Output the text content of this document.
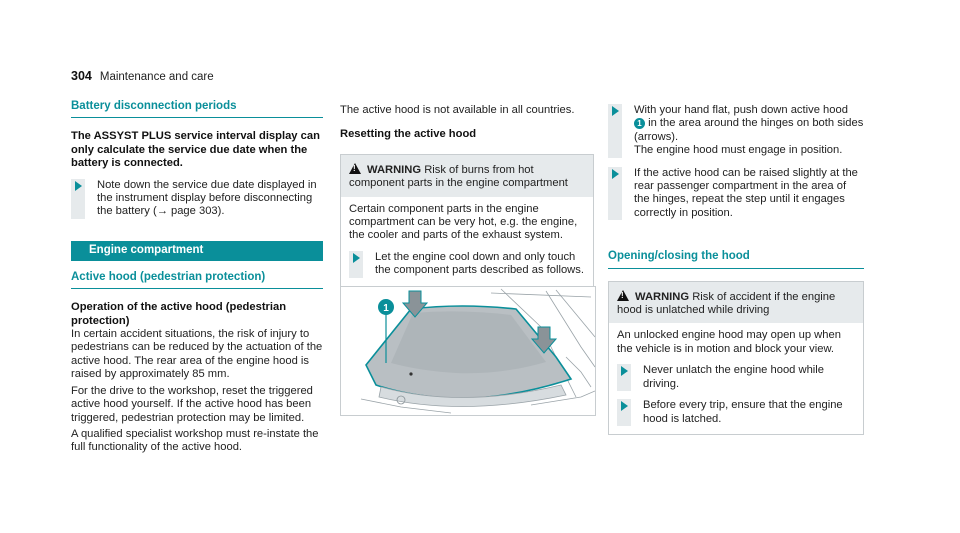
304 Maintenance and care
Battery disconnection periods

The ASSYST PLUS service interval display can only calculate the service due date when the battery is connected.

Note down the service due date displayed in the instrument display before disconnecting the battery (→ page 303).

Engine compartment
Active hood (pedestrian protection)

Operation of the active hood (pedestrian protection)

In certain accident situations, the risk of injury to pedestrians can be reduced by the actuation of the active hood. The rear area of the engine hood is raised by approximately 85 mm.

For the drive to the workshop, reset the triggered active hood yourself. If the active hood has been triggered, pedestrian protection may be limited.

A qualified specialist workshop must re-instate the full functionality of the active hood.

The active hood is not available in all countries.

Resetting the active hood

!WARNING Risk of burns from hot component parts in the engine compartment

Certain component parts in the engine compartment can be very hot, e.g. the engine, the cooler and parts of the exhaust system.

Let the engine cool down and only touch the component parts described as follows.

1

With your hand flat, push down active hood
1 in the area around the hinges on both sides (arrows).
The engine hood must engage in position.

If the active hood can be raised slightly at the rear passenger compartment in the area of the hinges, repeat the step until it engages correctly in position.

Opening/closing the hood
!WARNING Risk of accident if the engine hood is unlatched while driving

An unlocked engine hood may open up when the vehicle is in motion and block your view.

Never unlatch the engine hood while driving.

Before every trip, ensure that the engine hood is latched.
